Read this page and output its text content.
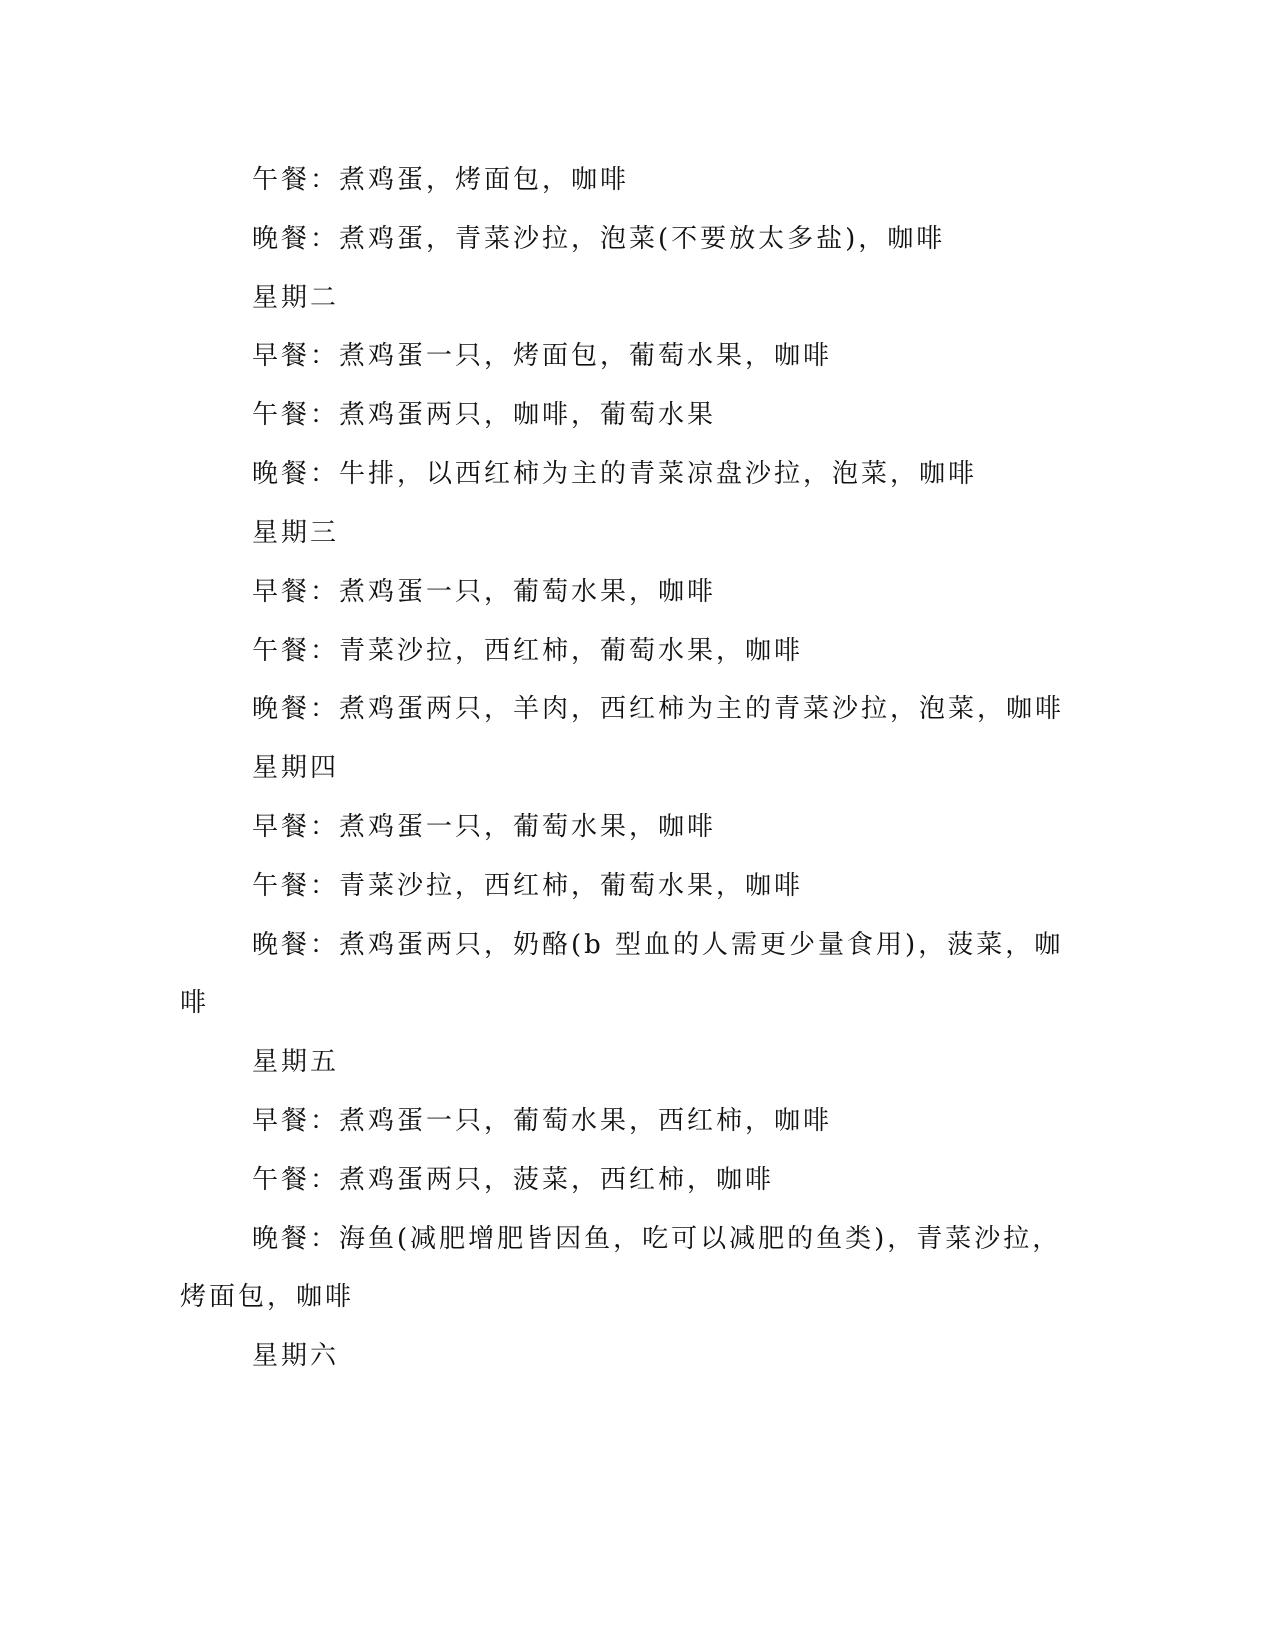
午餐：煮鸡蛋，烤面包，咖啡
晚餐：煮鸡蛋，青菜沙拉，泡菜(不要放太多盐)，咖啡
星期二
早餐：煮鸡蛋一只，烤面包，葡萄水果，咖啡
午餐：煮鸡蛋两只，咖啡，葡萄水果
晚餐：牛排，以西红柿为主的青菜凉盘沙拉，泡菜，咖啡
星期三
早餐：煮鸡蛋一只，葡萄水果，咖啡
午餐：青菜沙拉，西红柿，葡萄水果，咖啡
晚餐：煮鸡蛋两只，羊肉，西红柿为主的青菜沙拉，泡菜，咖啡
星期四
早餐：煮鸡蛋一只，葡萄水果，咖啡
午餐：青菜沙拉，西红柿，葡萄水果，咖啡
晚餐：煮鸡蛋两只，奶酪(b 型血的人需更少量食用)，菠菜，咖
啡
星期五
早餐：煮鸡蛋一只，葡萄水果，西红柿，咖啡
午餐：煮鸡蛋两只，菠菜，西红柿，咖啡
晚餐：海鱼(减肥增肥皆因鱼，吃可以减肥的鱼类)，青菜沙拉，
烤面包，咖啡
星期六
